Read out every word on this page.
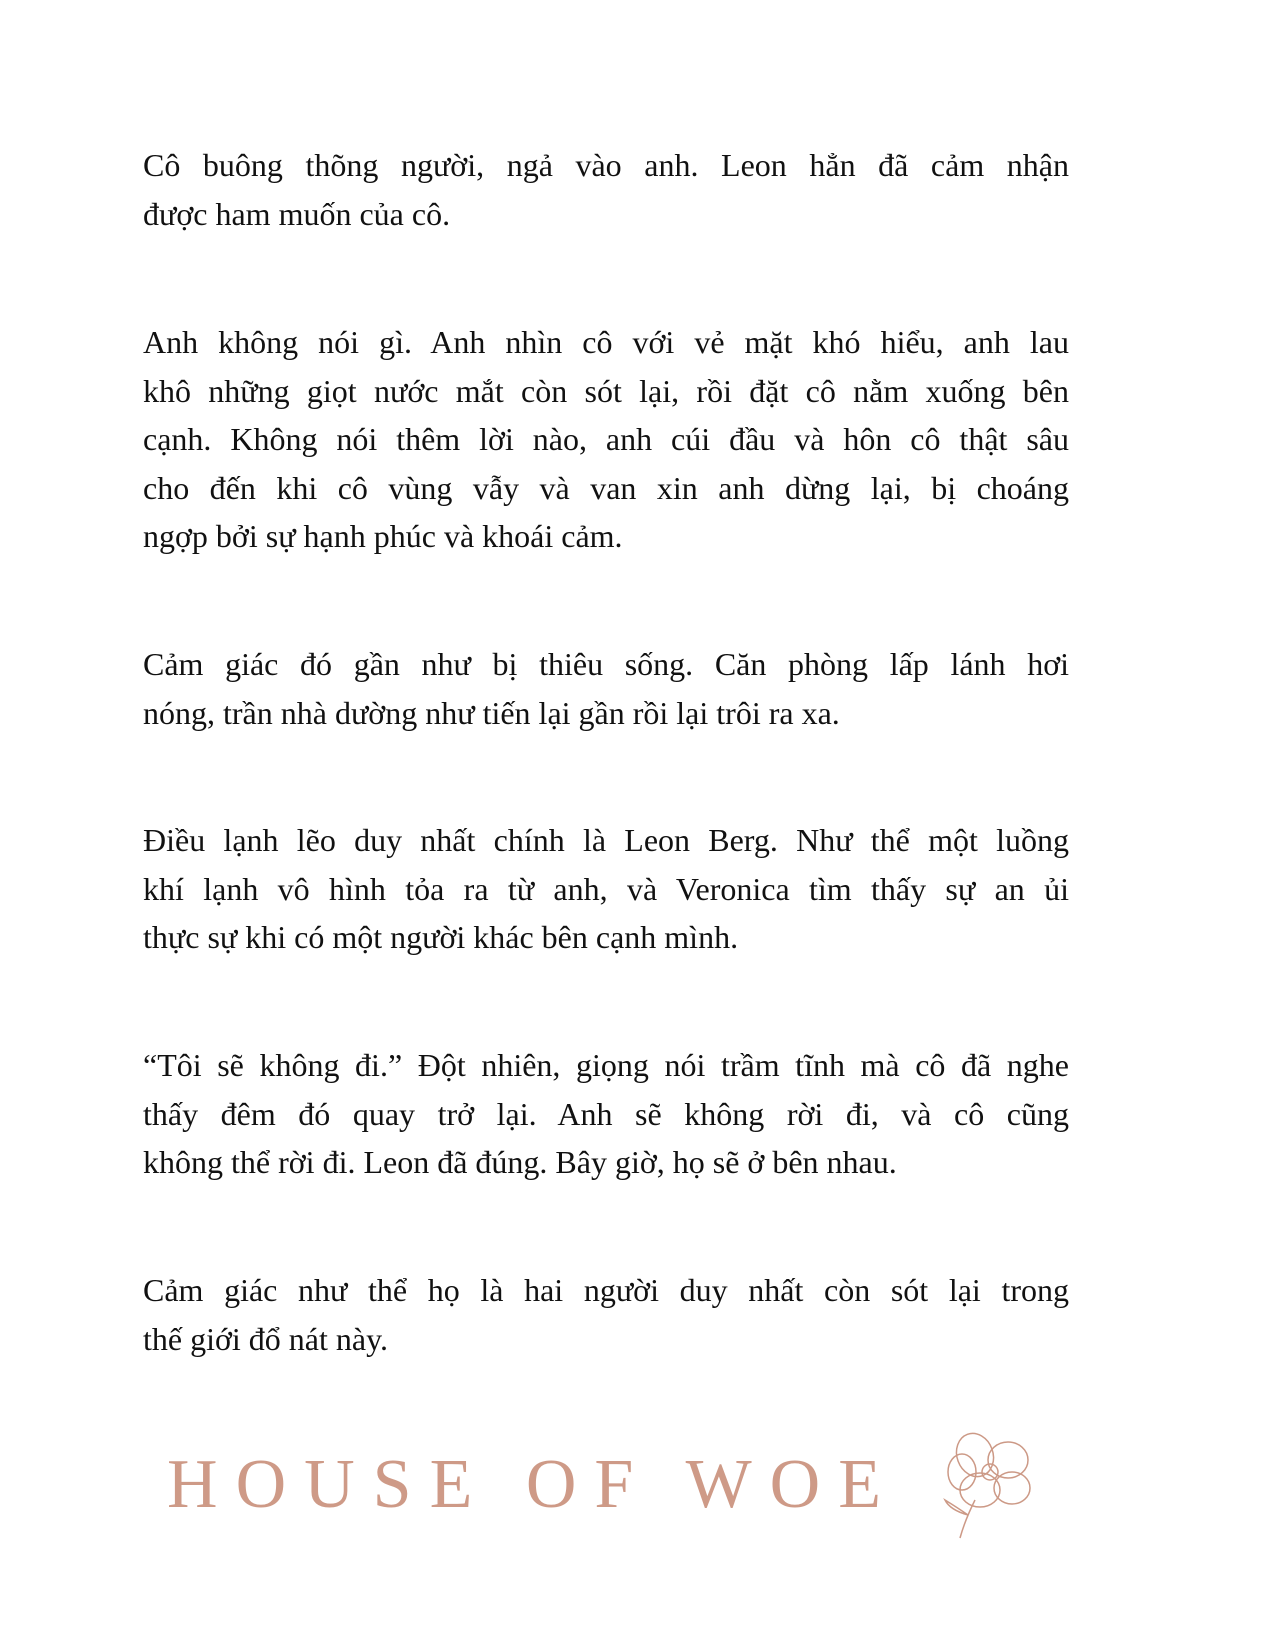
Cô buông thõng người, ngả vào anh. Leon hẳn đã cảm nhận
được ham muốn của cô.
Anh không nói gì. Anh nhìn cô với vẻ mặt khó hiểu, anh lau
khô những giọt nước mắt còn sót lại, rồi đặt cô nằm xuống bên
cạnh. Không nói thêm lời nào, anh cúi đầu và hôn cô thật sâu
cho đến khi cô vùng vẫy và van xin anh dừng lại, bị choáng
ngợp bởi sự hạnh phúc và khoái cảm.
Cảm giác đó gần như bị thiêu sống. Căn phòng lấp lánh hơi
nóng, trần nhà dường như tiến lại gần rồi lại trôi ra xa.
Điều lạnh lẽo duy nhất chính là Leon Berg. Như thể một luồng
khí lạnh vô hình tỏa ra từ anh, và Veronica tìm thấy sự an ủi
thực sự khi có một người khác bên cạnh mình.
“Tôi sẽ không đi.” Đột nhiên, giọng nói trầm tĩnh mà cô đã nghe
thấy đêm đó quay trở lại. Anh sẽ không rời đi, và cô cũng
không thể rời đi. Leon đã đúng. Bây giờ, họ sẽ ở bên nhau.
Cảm giác như thể họ là hai người duy nhất còn sót lại trong
thế giới đổ nát này.
HOUSE OF WOE
